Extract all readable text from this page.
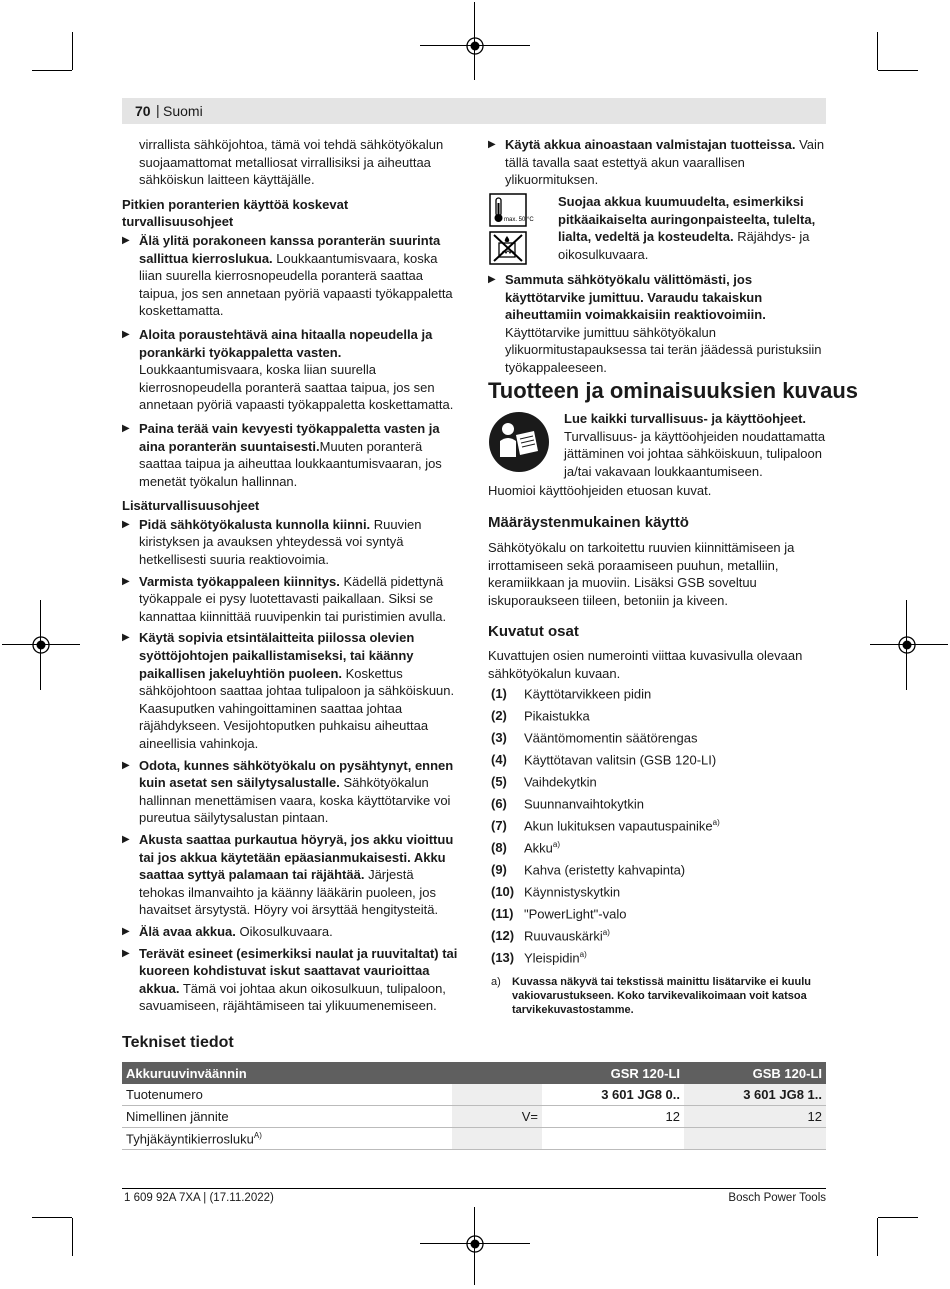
70 | Suomi

virrallista sähköjohtoa, tämä voi tehdä sähkötyökalun suojaamattomat metalliosat virrallisiksi ja aiheuttaa sähköiskun laitteen käyttäjälle.

Pitkien poranterien käyttöä koskevat turvallisuusohjeet

▶ Älä ylitä porakoneen kanssa poranterän suurinta sallittua kierroslukua. Loukkaantumisvaara, koska liian suurella kierrosnopeudella poranterä saattaa taipua, jos sen annetaan pyöriä vapaasti työkappaletta koskettamatta.

▶ Aloita poraustehtävä aina hitaalla nopeudella ja porankärki työkappaletta vasten. Loukkaantumisvaara, koska liian suurella kierrosnopeudella poranterä saattaa taipua, jos sen annetaan pyöriä vapaasti työkappaletta koskettamatta.

▶ Paina terää vain kevyesti työkappaletta vasten ja aina poranterän suuntaisesti.Muuten poranterä saattaa taipua ja aiheuttaa loukkaantumisvaaran, jos menetät työkalun hallinnan.

Lisäturvallisuusohjeet

▶ Pidä sähkötyökalusta kunnolla kiinni. Ruuvien kiristyksen ja avauksen yhteydessä voi syntyä hetkellisesti suuria reaktiovoimia.

▶ Varmista työkappaleen kiinnitys. Kädellä pidettynä työkappale ei pysy luotettavasti paikallaan. Siksi se kannattaa kiinnittää ruuvipenkin tai puristimien avulla.

▶ Käytä sopivia etsintälaitteita piilossa olevien syöttöjohtojen paikallistamiseksi, tai käänny paikallisen jakeluyhtiön puoleen. Koskettus sähköjohtoon saattaa johtaa tulipaloon ja sähköiskuun. Kaasuputken vahingoittaminen saattaa johtaa räjähdykseen. Vesijohtoputken puhkaisu aiheuttaa aineellisia vahinkoja.

▶ Odota, kunnes sähkötyökalu on pysähtynyt, ennen kuin asetat sen säilytysalustalle. Sähkötyökalun hallinnan menettämisen vaara, koska käyttötarvike voi pureutua säilytysalustan pintaan.

▶ Akusta saattaa purkautua höyryä, jos akku vioittuu tai jos akkua käytetään epäasianmukaisesti. Akku saattaa syttyä palamaan tai räjähtää. Järjestä tehokas ilmanvaihto ja käänny lääkärin puoleen, jos havaitset ärsytystä. Höyry voi ärsyttää hengitysteitä.

▶ Älä avaa akkua. Oikosulkuvaara.

▶ Terävät esineet (esimerkiksi naulat ja ruuvitaltat) tai kuoreen kohdistuvat iskut saattavat vaurioittaa akkua. Tämä voi johtaa akun oikosulkuun, tulipaloon, savuamiseen, räjähtämiseen tai ylikuumenemiseen.

▶ Käytä akkua ainoastaan valmistajan tuotteissa. Vain tällä tavalla saat estettyä akun vaarallisen ylikuormituksen.

max. 50 °C

Suojaa akkua kuumuudelta, esimerkiksi pitkäaikaiselta auringonpaisteelta, tulelta, lialta, vedeltä ja kosteudelta. Räjähdys- ja oikosulkuvaara.

▶ Sammuta sähkötyökalu välittömästi, jos käyttötarvike jumittuu. Varaudu takaiskun aiheuttamiin voimakkaisiin reaktiovoimiin. Käyttötarvike jumittuu sähkötyökalun ylikuormitustapauksessa tai terän jäädessä puristuksiin työkappaleeseen.

Tuotteen ja ominaisuuksien kuvaus

Lue kaikki turvallisuus- ja käyttöohjeet. Turvallisuus- ja käyttöohjeiden noudattamatta jättäminen voi johtaa sähköiskuun, tulipaloon ja/tai vakavaan loukkaantumiseen.

Huomioi käyttöohjeiden etuosan kuvat.
Määräystenmukainen käyttö
Sähkötyökalu on tarkoitettu ruuvien kiinnittämiseen ja irrottamiseen sekä poraamiseen puuhun, metalliin, keramiikkaan ja muoviin. Lisäksi GSB soveltuu iskuporaukseen tiileen, betoniin ja kiveen.
Kuvatut osat
Kuvattujen osien numerointi viittaa kuvasivulla olevaan sähkötyökalun kuvaan.
(1) Käyttötarvikkeen pidin
(2) Pikaistukka
(3) Vääntömomentin säätörengas
(4) Käyttötavan valitsin (GSB 120-LI)
(5) Vaihdekytkin
(6) Suunnanvaihtokytkin
(7) Akun lukituksen vapautuspainike$^{a)}$
(8) Akku$^{a)}$
(9) Kahva (eristetty kahvapinta)
(10) Käynnistyskytkin
(11) "PowerLight"-valo
(12) Ruuvauskärki$^{a)}$
(13) Yleispidin$^{a)}$
a) Kuvassa näkyvä tai tekstissä mainittu lisätarvike ei kuulu vakiovarustukseen. Koko tarvikevalikoimaan voit katsoa tarvikekuvastostamme.
Tekniset tiedot
Akkuruuvinväännin		GSR 120-LI	GSB 120-LI
Tuotenumero		3 601 JG8 0..	3 601 JG8 1..
Nimellinen jännite	V=	12	12
Tyhjäkäyntikierrosluku$^{A)}$			
1 609 92A 7XA | (17.11.2022)	Bosch Power Tools
